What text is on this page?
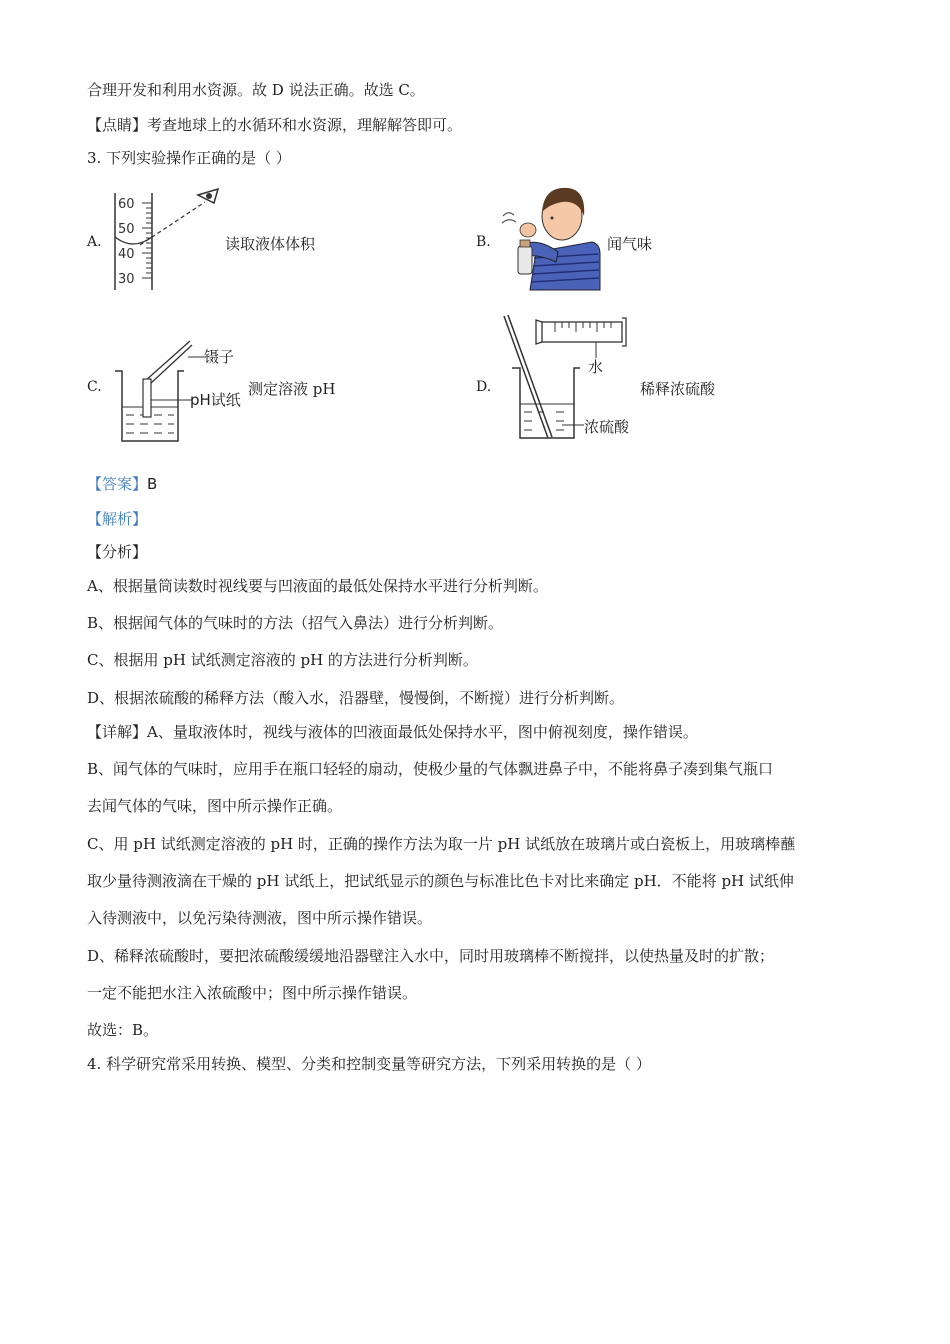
合理开发和利用水资源。故 D 说法正确。故选 C。
【点睛】考查地球上的水循环和水资源，理解解答即可。
3. 下列实验操作正确的是（ ）
A.
60
50
40
30
读取液体体积	B.	闻气味
C.
镊子
pH试纸
测定溶液 pH	D.
水
浓硫酸
稀释浓硫酸
【答案】B
【解析】
【分析】
A、根据量筒读数时视线要与凹液面的最低处保持水平进行分析判断。
B、根据闻气体的气味时的方法（招气入鼻法）进行分析判断。
C、根据用 pH 试纸测定溶液的 pH 的方法进行分析判断。
D、根据浓硫酸的稀释方法（酸入水，沿器壁，慢慢倒，不断搅）进行分析判断。
【详解】A、量取液体时，视线与液体的凹液面最低处保持水平，图中俯视刻度，操作错误。
B、闻气体的气味时，应用手在瓶口轻轻的扇动，使极少量的气体飘进鼻子中，不能将鼻子凑到集气瓶口
去闻气体的气味，图中所示操作正确。
C、用 pH 试纸测定溶液的 pH 时，正确的操作方法为取一片 pH 试纸放在玻璃片或白瓷板上，用玻璃棒蘸
取少量待测液滴在干燥的 pH 试纸上，把试纸显示的颜色与标准比色卡对比来确定 pH．不能将 pH 试纸伸
入待测液中，以免污染待测液，图中所示操作错误。
D、稀释浓硫酸时，要把浓硫酸缓缓地沿器壁注入水中，同时用玻璃棒不断搅拌，以使热量及时的扩散；
一定不能把水注入浓硫酸中；图中所示操作错误。
故选：B。
4. 科学研究常采用转换、模型、分类和控制变量等研究方法，下列采用转换的是（ ）
